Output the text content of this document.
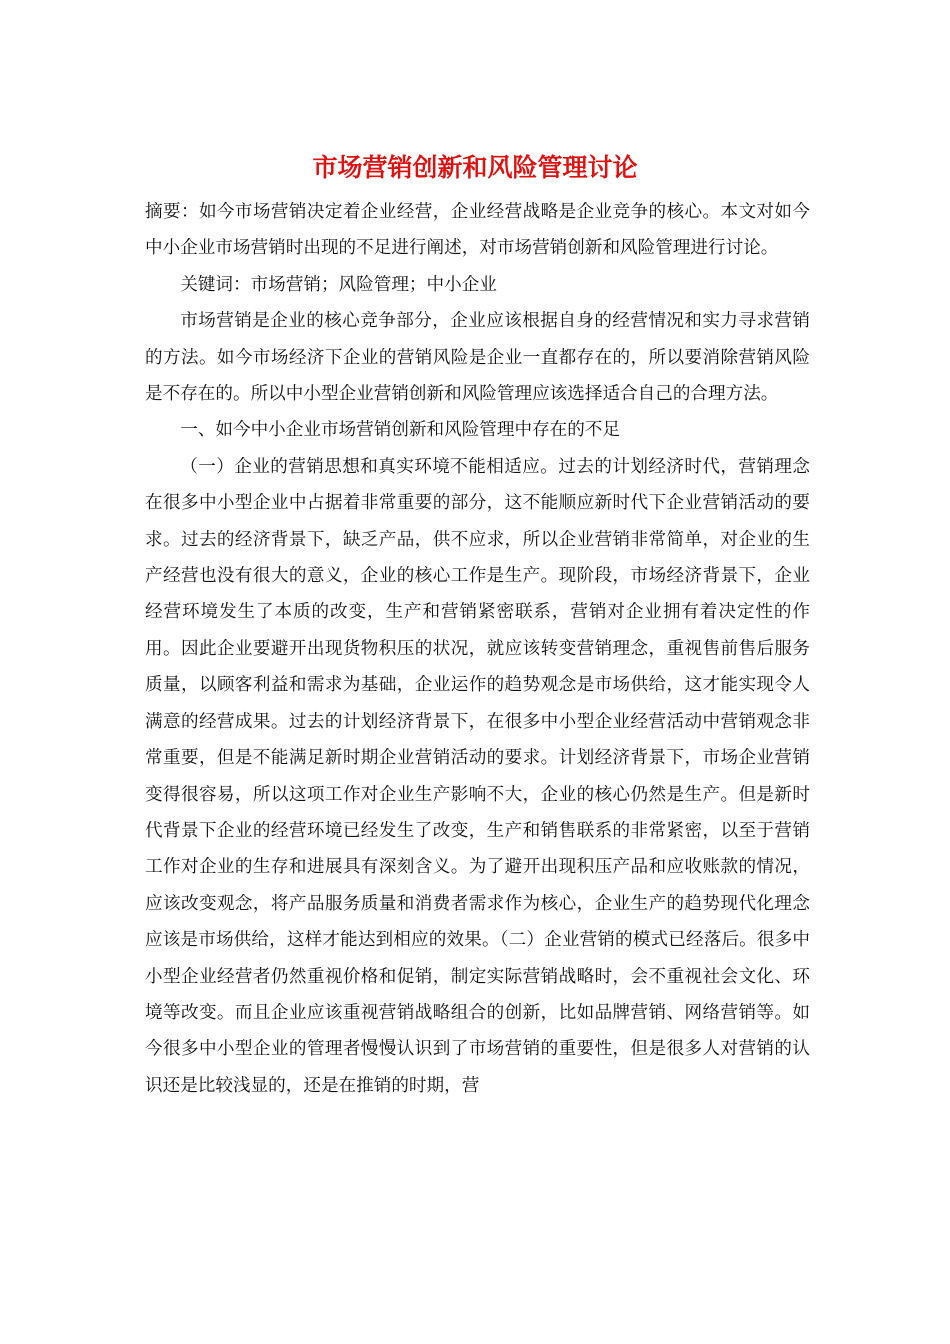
市场营销创新和风险管理讨论

摘要：如今市场营销决定着企业经营，企业经营战略是企业竞争的核心。本文对如今中小企业市场营销时出现的不足进行阐述，对市场营销创新和风险管理进行讨论。

关键词：市场营销；风险管理；中小企业

市场营销是企业的核心竞争部分，企业应该根据自身的经营情况和实力寻求营销的方法。如今市场经济下企业的营销风险是企业一直都存在的，所以要消除营销风险是不存在的。所以中小型企业营销创新和风险管理应该选择适合自己的合理方法。

一、如今中小企业市场营销创新和风险管理中存在的不足

（一）企业的营销思想和真实环境不能相适应。过去的计划经济时代，营销理念在很多中小型企业中占据着非常重要的部分，这不能顺应新时代下企业营销活动的要求。过去的经济背景下，缺乏产品，供不应求，所以企业营销非常简单，对企业的生产经营也没有很大的意义，企业的核心工作是生产。现阶段，市场经济背景下，企业经营环境发生了本质的改变，生产和营销紧密联系，营销对企业拥有着决定性的作用。因此企业要避开出现货物积压的状况，就应该转变营销理念，重视售前售后服务质量，以顾客利益和需求为基础，企业运作的趋势观念是市场供给，这才能实现令人满意的经营成果。过去的计划经济背景下，在很多中小型企业经营活动中营销观念非常重要，但是不能满足新时期企业营销活动的要求。计划经济背景下，市场企业营销变得很容易，所以这项工作对企业生产影响不大，企业的核心仍然是生产。但是新时代背景下企业的经营环境已经发生了改变，生产和销售联系的非常紧密，以至于营销工作对企业的生存和进展具有深刻含义。为了避开出现积压产品和应收账款的情况，应该改变观念，将产品服务质量和消费者需求作为核心，企业生产的趋势现代化理念应该是市场供给，这样才能达到相应的效果。（二）企业营销的模式已经落后。很多中小型企业经营者仍然重视价格和促销，制定实际营销战略时，会不重视社会文化、环境等改变。而且企业应该重视营销战略组合的创新，比如品牌营销、网络营销等。如今很多中小型企业的管理者慢慢认识到了市场营销的重要性，但是很多人对营销的认识还是比较浅显的，还是在推销的时期，营
